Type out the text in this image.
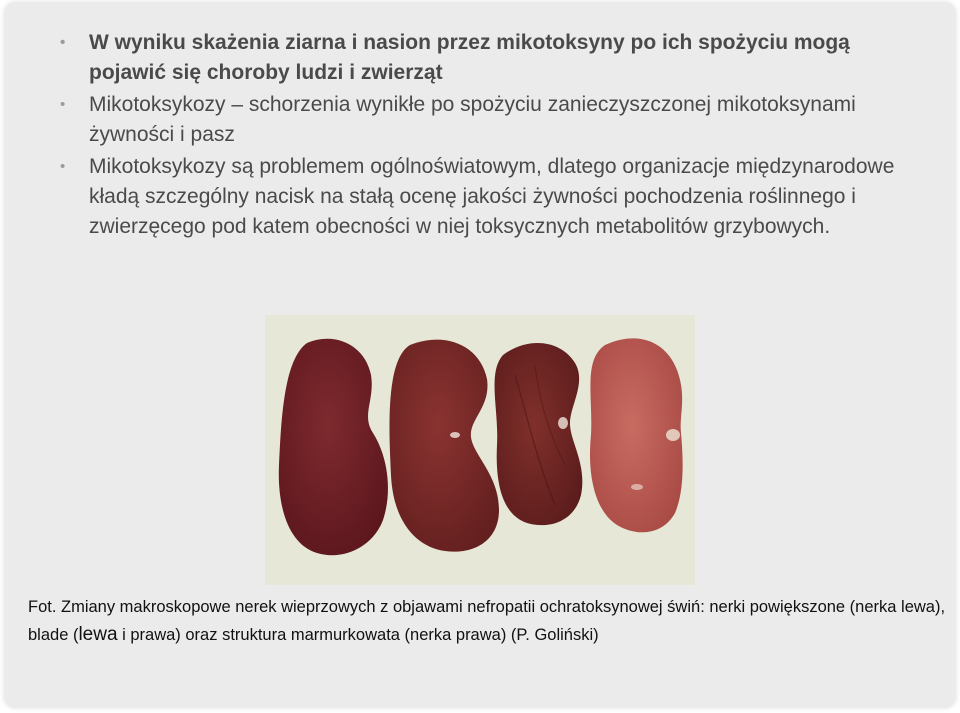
• W wyniku skażenia ziarna i nasion przez mikotoksyny po ich spożyciu mogą pojawić się choroby ludzi i zwierząt
• Mikotoksykozy – schorzenia wynikłe po spożyciu zanieczyszczonej mikotoksynami żywności i pasz
• Mikotoksykozy są problemem ogólnoświatowym, dlatego organizacje międzynarodowe kładą szczególny nacisk na stałą ocenę jakości żywności pochodzenia roślinnego i zwierzęcego pod katem obecności w niej toksycznych metabolitów grzybowych.
Fot. Zmiany makroskopowe nerek wieprzowych z objawami nefropatii ochratoksynowej świń: nerki powiększone (nerka lewa), blade (lewa i prawa) oraz struktura marmurkowata (nerka prawa) (P. Goliński)
